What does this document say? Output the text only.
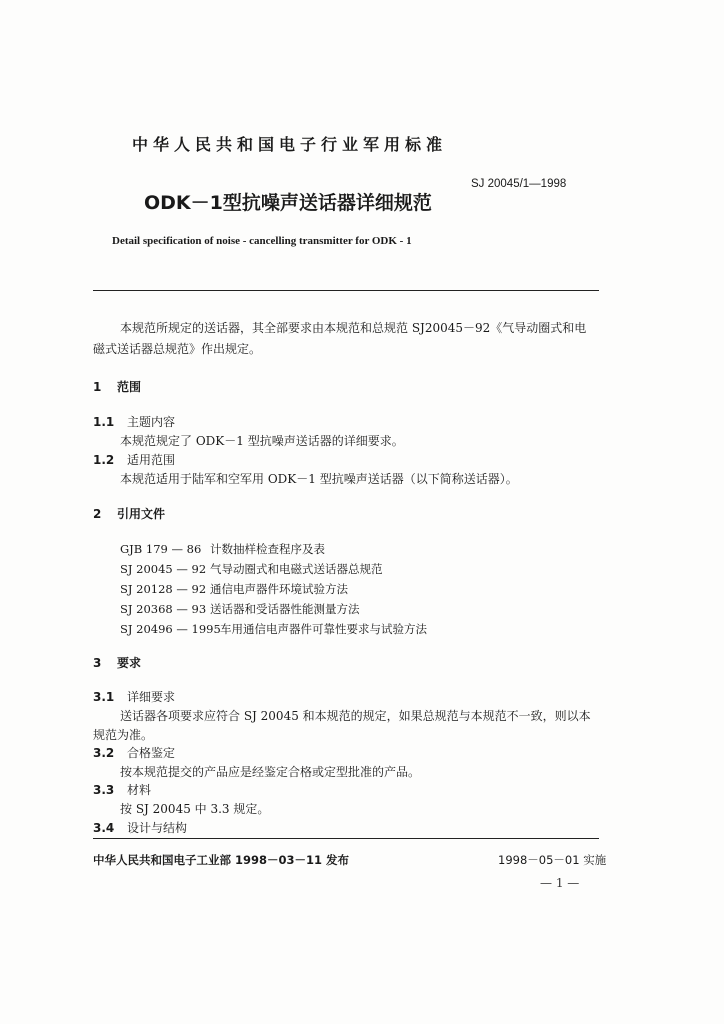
中华人民共和国电子行业军用标准
SJ 20045/1—1998
ODK－1型抗噪声送话器详细规范
Detail specification of noise - cancelling transmitter for ODK - 1
本规范所规定的送话器，其全部要求由本规范和总规范 SJ20045－92《气导动圈式和电
磁式送话器总规范》作出规定。
1 范围
1.1 主题内容
本规范规定了 ODK－1 型抗噪声送话器的详细要求。
1.2 适用范围
本规范适用于陆军和空军用 ODK－1 型抗噪声送话器（以下简称送话器）。
2 引用文件
GJB 179 — 86 计数抽样检查程序及表
SJ 20045 — 92 气导动圈式和电磁式送话器总规范
SJ 20128 — 92 通信电声器件环境试验方法
SJ 20368 — 93 送话器和受话器性能测量方法
SJ 20496 — 1995车用通信电声器件可靠性要求与试验方法
3 要求
3.1 详细要求
送话器各项要求应符合 SJ 20045 和本规范的规定，如果总规范与本规范不一致，则以本
规范为准。
3.2 合格鉴定
按本规范提交的产品应是经鉴定合格或定型批准的产品。
3.3 材料
按 SJ 20045 中 3.3 规定。
3.4 设计与结构
中华人民共和国电子工业部 1998－03－11 发布	1998－05－01 实施
— 1 —
